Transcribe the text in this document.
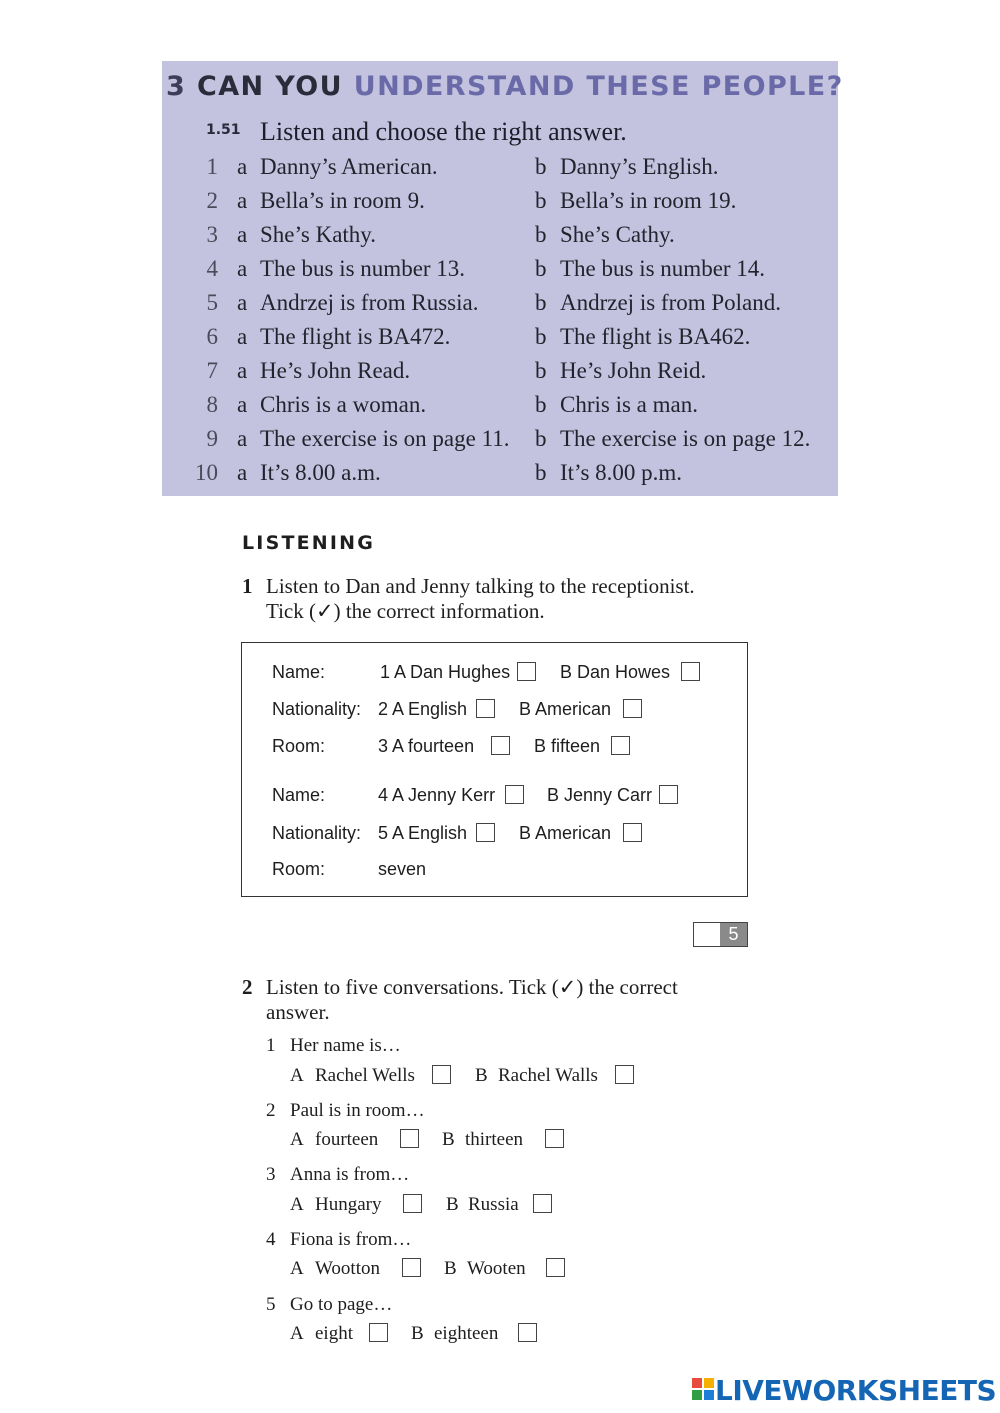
3 CAN YOU UNDERSTAND THESE PEOPLE?
1.51 Listen and choose the right answer.
1 a Danny’s American.	b Danny’s English.
2 a Bella’s in room 9.	b Bella’s in room 19.
3 a She’s Kathy.	b She’s Cathy.
4 a The bus is number 13.	b The bus is number 14.
5 a Andrzej is from Russia. b Andrzej is from Poland.
6 a The flight is BA472.	b The flight is BA462.
7 a He’s John Read.	b He’s John Reid.
8 a Chris is a woman.	b Chris is a man.
9 a The exercise is on page 11. b The exercise is on page 12.
10 a It’s 8.00 a.m.	b It’s 8.00 p.m.
LISTENING
1 Listen to Dan and Jenny talking to the receptionist.
Tick (✓) the correct information.
Name:	1 A Dan Hughes	B Dan Howes
Nationality: 2 A English	B American
Room:	3 A fourteen	B fifteen
Name:	4 A Jenny Kerr	B Jenny Carr
Nationality: 5 A English	B American
Room:	seven
5
2 Listen to five conversations. Tick (✓) the correct
answer.
1 Her name is…
A Rachel Wells	B Rachel Walls
2 Paul is in room…
A fourteen	B thirteen
3 Anna is from…
A Hungary	B Russia
4 Fiona is from…
A Wootton	B Wooten
5 Go to page…
A eight	B eighteen
LIVEWORKSHEETS
